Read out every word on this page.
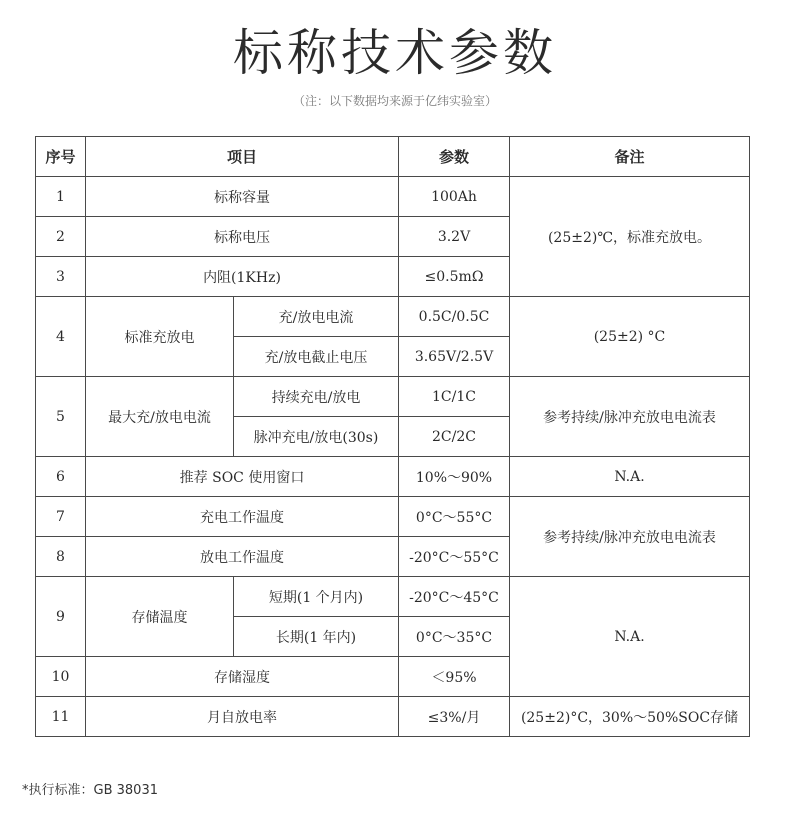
标称技术参数
（注：以下数据均来源于亿纬实验室）
序号	项目		参数	备注
1	标称容量		100Ah	(25±2)℃，标准充放电。
2	标称电压		3.2V	
3	内阻(1KHz)		≤0.5mΩ	
4	标准充放电	充/放电电流	0.5C/0.5C	(25±2) °C
		充/放电截止电压	3.65V/2.5V	
5	最大充/放电电流	持续充电/放电	1C/1C	参考持续/脉冲充放电电流表
		脉冲充电/放电(30s)	2C/2C	
6	推荐 SOC 使用窗口		10%～90%	N.A.
7	充电工作温度		0°C～55°C	参考持续/脉冲充放电电流表
8	放电工作温度		-20°C～55°C	
9	存储温度	短期(1 个月内)	-20°C～45°C	N.A.
		长期(1 年内)	0°C～35°C	
10	存储湿度		＜95%	
11	月自放电率		≤3%/月	(25±2)°C，30%～50%SOC存储
*执行标准：GB 38031
